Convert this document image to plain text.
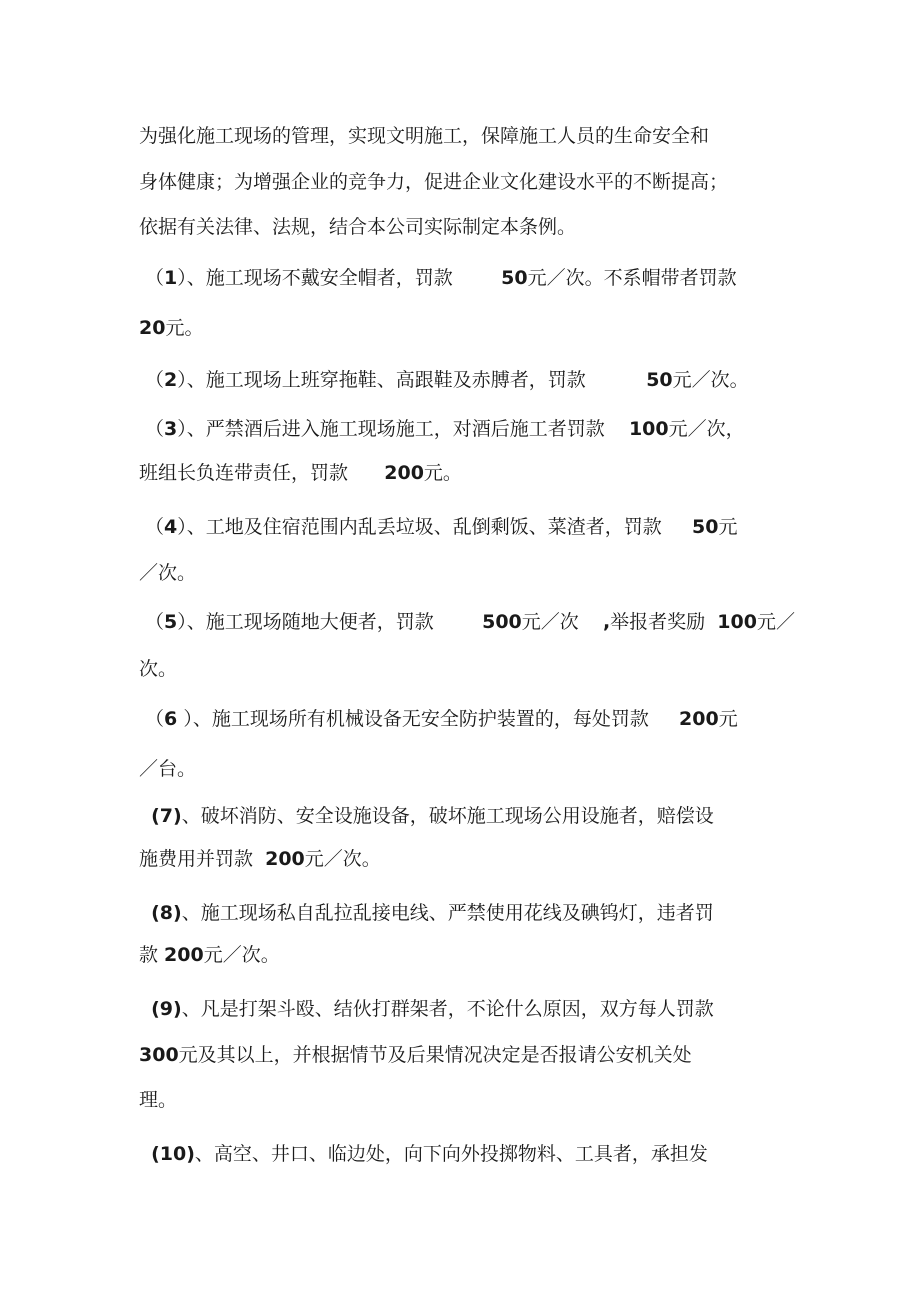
为强化施工现场的管理，实现文明施工，保障施工人员的生命安全和
身体健康；为增强企业的竞争力，促进企业文化建设水平的不断提高；
依据有关法律、法规，结合本公司实际制定本条例。
（1）、施工现场不戴安全帽者，罚款        50元／次。不系帽带者罚款
20元。
（2）、施工现场上班穿拖鞋、高跟鞋及赤膊者，罚款          50元／次。
（3）、严禁酒后进入施工现场施工，对酒后施工者罚款    100元／次，
班组长负连带责任，罚款      200元。
（4）、工地及住宿范围内乱丢垃圾、乱倒剩饭、菜渣者，罚款     50元
／次。
（5）、施工现场随地大便者，罚款        500元／次    ,举报者奖励  100元／
次。
（6 ）、施工现场所有机械设备无安全防护装置的，每处罚款     200元
／台。
(7)、破坏消防、安全设施设备，破坏施工现场公用设施者，赔偿设
施费用并罚款  200元／次。
(8)、施工现场私自乱拉乱接电线、严禁使用花线及碘钨灯，违者罚
款 200元／次。
(9)、凡是打架斗殴、结伙打群架者，不论什么原因，双方每人罚款
300元及其以上，并根据情节及后果情况决定是否报请公安机关处
理。
(10)、高空、井口、临边处，向下向外投掷物料、工具者，承担发
